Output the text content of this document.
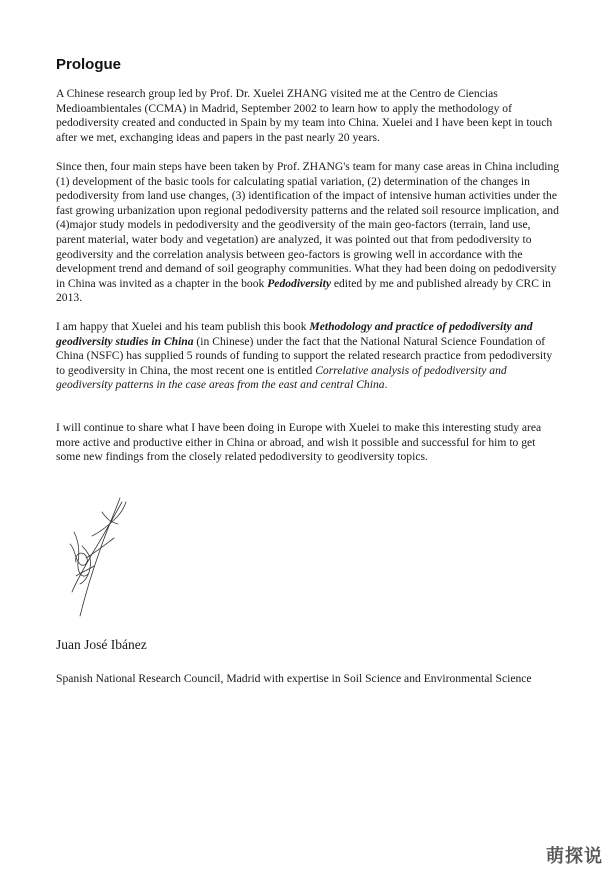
Prologue

A Chinese research group led by Prof. Dr. Xuelei ZHANG visited me at the Centro de Ciencias Medioambientales (CCMA) in Madrid, September 2002 to learn how to apply the methodology of pedodiversity created and conducted in Spain by my team into China. Xuelei and I have been kept in touch after we met, exchanging ideas and papers in the past nearly 20 years.

Since then, four main steps have been taken by Prof. ZHANG's team for many case areas in China including (1) development of the basic tools for calculating spatial variation, (2) determination of the changes in pedodiversity from land use changes, (3) identification of the impact of intensive human activities under the fast growing urbanization upon regional pedodiversity patterns and the related soil resource implication, and (4)major study models in pedodiversity and the geodiversity of the main geo-factors (terrain, land use, parent material, water body and vegetation) are analyzed, it was pointed out that from pedodiversity to geodiversity and the correlation analysis between geo-factors is growing well in accordance with the development trend and demand of soil geography communities. What they had been doing on pedodiversity in China was invited as a chapter in the book Pedodiversity edited by me and published already by CRC in 2013.

I am happy that Xuelei and his team publish this book Methodology and practice of pedodiversity and geodiversity studies in China (in Chinese) under the fact that the National Natural Science Foundation of China (NSFC) has supplied 5 rounds of funding to support the related research practice from pedodiversity to geodiversity in China, the most recent one is entitled Correlative analysis of pedodiversity and geodiversity patterns in the case areas from the east and central China.

I will continue to share what I have been doing in Europe with Xuelei to make this interesting study area more active and productive either in China or abroad, and wish it possible and successful for him to get some new findings from the closely related pedodiversity to geodiversity topics.

Juan José Ibánez
Spanish National Research Council, Madrid with expertise in Soil Science and Environmental Science
萌探说
